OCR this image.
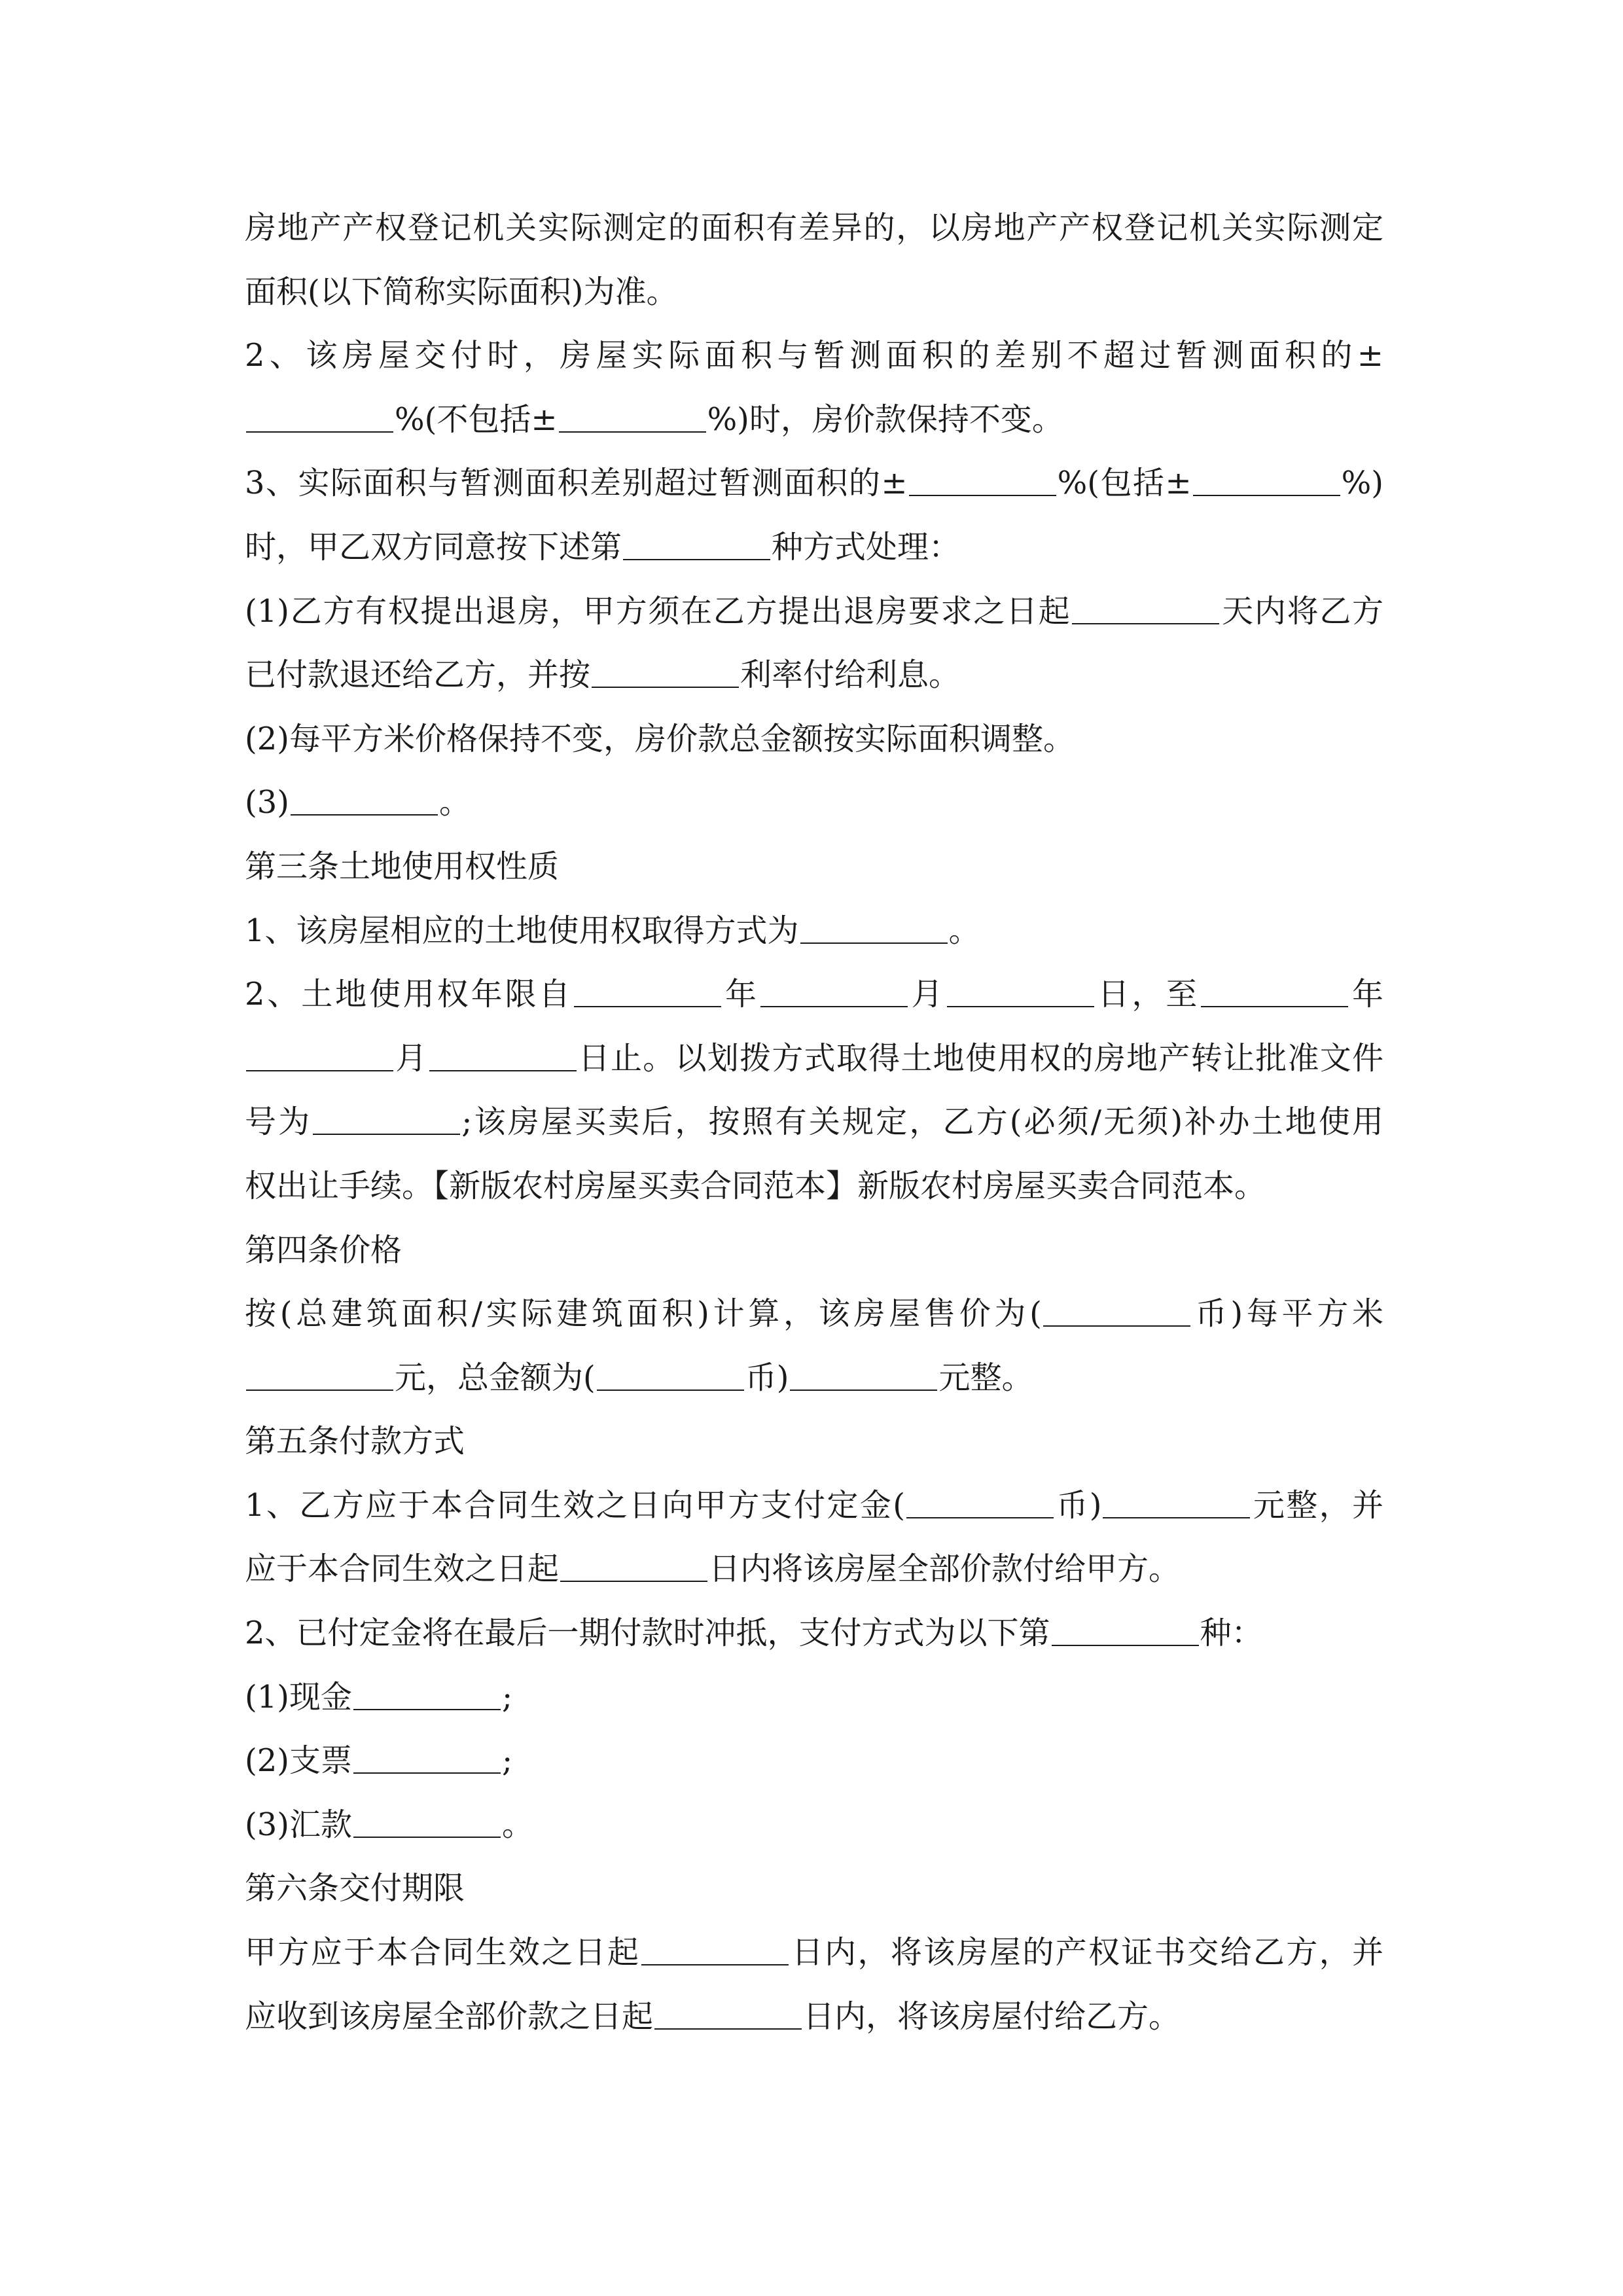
房地产产权登记机关实际测定的面积有差异的，以房地产产权登记机关实际测定
面积(以下简称实际面积)为准。
2、该房屋交付时，房屋实际面积与暂测面积的差别不超过暂测面积的±
%(不包括±	%)时，房价款保持不变。
3、实际面积与暂测面积差别超过暂测面积的±	%(包括±	%)
时，甲乙双方同意按下述第	种方式处理：
(1)乙方有权提出退房，甲方须在乙方提出退房要求之日起	天内将乙方
已付款退还给乙方，并按	利率付给利息。
(2)每平方米价格保持不变，房价款总金额按实际面积调整。
(3)	。
第三条土地使用权性质
1、该房屋相应的土地使用权取得方式为	。
2、土地使用权年限自	年	月	日，至	年
月	日止。以划拨方式取得土地使用权的房地产转让批准文件
号为	;该房屋买卖后，按照有关规定，乙方(必须/无须)补办土地使用
权出让手续。【新版农村房屋买卖合同范本】新版农村房屋买卖合同范本。
第四条价格
按(总建筑面积/实际建筑面积)计算，该房屋售价为(	币)每平方米
元，总金额为(	币)	元整。
第五条付款方式
1、乙方应于本合同生效之日向甲方支付定金(	币)	元整，并
应于本合同生效之日起	日内将该房屋全部价款付给甲方。
2、已付定金将在最后一期付款时冲抵，支付方式为以下第	种：
(1)现金	;
(2)支票	;
(3)汇款	。
第六条交付期限
甲方应于本合同生效之日起	日内，将该房屋的产权证书交给乙方，并
应收到该房屋全部价款之日起	日内，将该房屋付给乙方。
